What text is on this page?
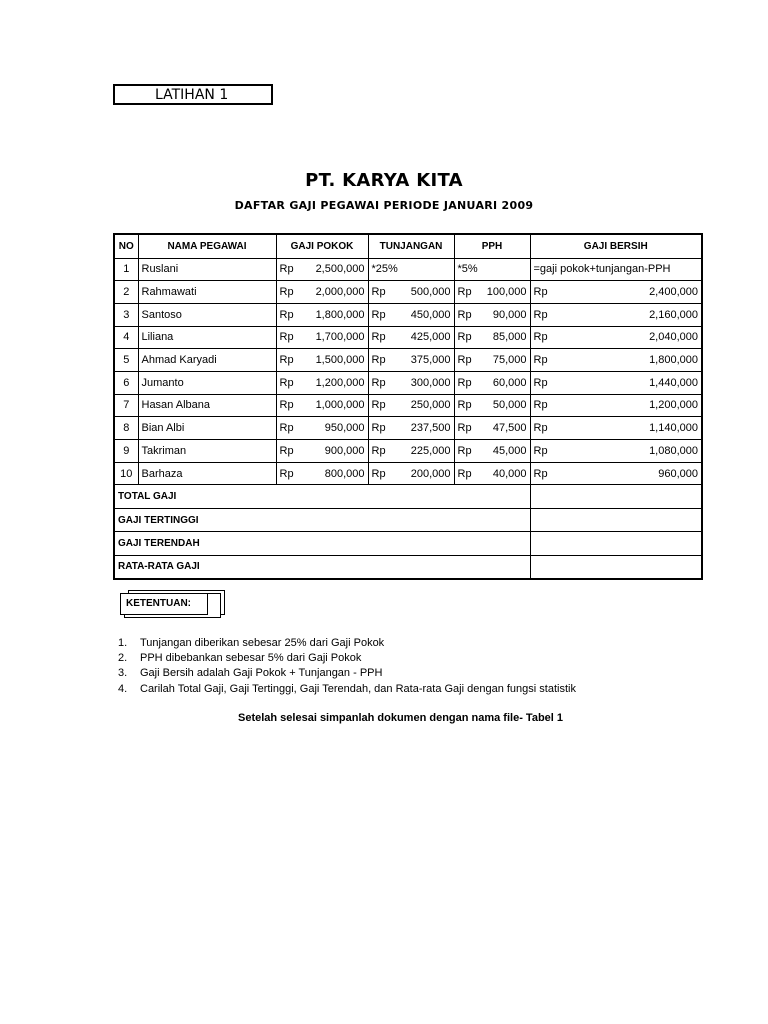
LATIHAN 1
PT. KARYA KITA
DAFTAR GAJI PEGAWAI PERIODE JANUARI 2009
NO	NAMA PEGAWAI	GAJI POKOK	TUNJANGAN	PPH	GAJI BERSIH
1	Ruslani	Rp 2,500,000	*25%	*5%	=gaji pokok+tunjangan-PPH
2	Rahmawati	Rp 2,000,000	Rp 500,000	Rp 100,000	Rp 2,400,000

3	Santoso	Rp 1,800,000	Rp 450,000	Rp 90,000	Rp 2,160,000

4	Liliana	Rp 1,700,000	Rp 425,000	Rp 85,000	Rp 2,040,000

5	Ahmad Karyadi	Rp 1,500,000	Rp 375,000	Rp 75,000	Rp 1,800,000

6	Jumanto	Rp 1,200,000	Rp 300,000	Rp 60,000	Rp 1,440,000

7	Hasan Albana	Rp 1,000,000	Rp 250,000	Rp 50,000	Rp 1,200,000

8	Bian Albi	Rp 950,000	Rp 237,500	Rp 47,500	Rp 1,140,000

9	Takriman	Rp 900,000	Rp 225,000	Rp 45,000	Rp 1,080,000

10	Barhaza	Rp 800,000	Rp 200,000	Rp 40,000	Rp 960,000

TOTAL GAJI					
GAJI TERTINGGI					
GAJI TERENDAH					
RATA-RATA GAJI					
KETENTUAN:
1.	Tunjangan diberikan sebesar 25% dari Gaji Pokok
2.	PPH dibebankan sebesar 5% dari Gaji Pokok
3.	Gaji Bersih adalah Gaji Pokok + Tunjangan - PPH
4.	Carilah Total Gaji, Gaji Tertinggi, Gaji Terendah, dan Rata-rata Gaji dengan fungsi statistik
Setelah selesai simpanlah dokumen dengan nama file- Tabel 1
